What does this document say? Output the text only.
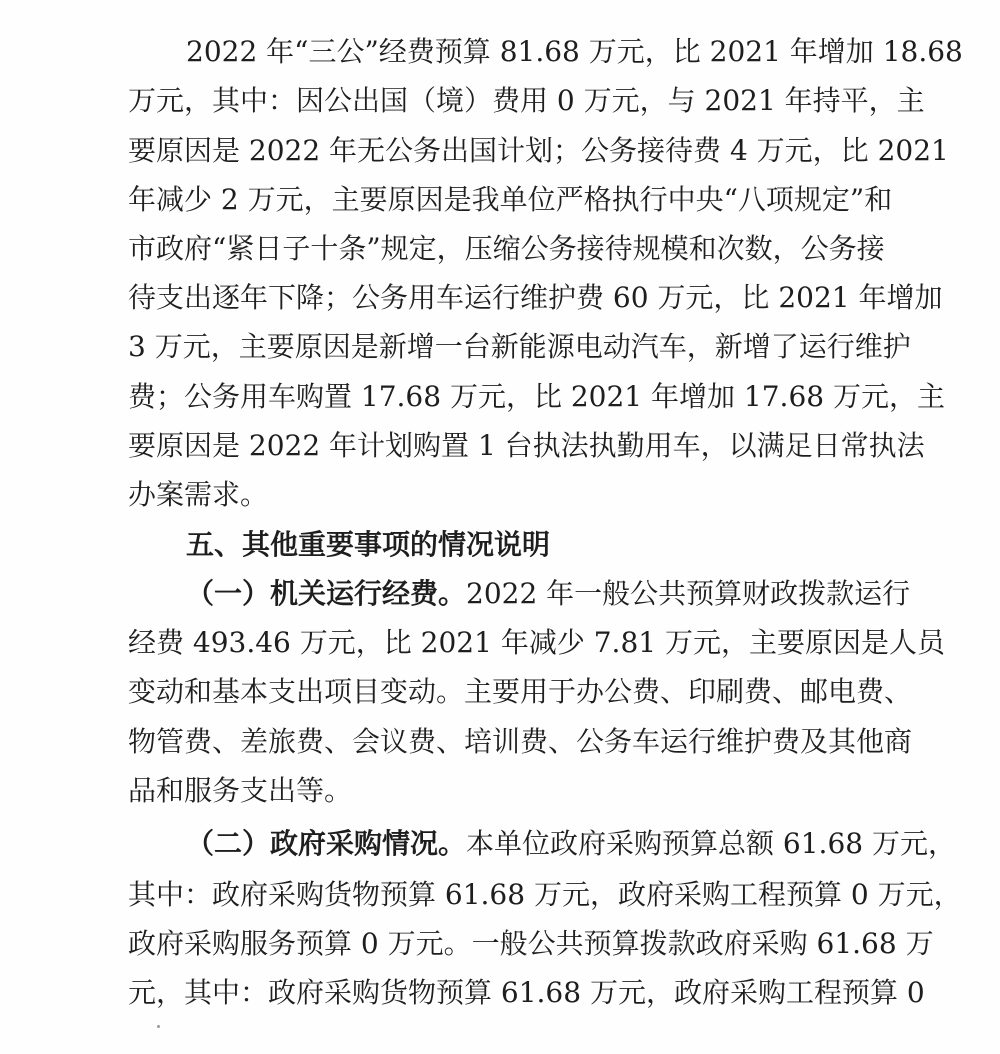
2022 年“三公”经费预算 81.68 万元，比 2021 年增加 18.68
万元，其中：因公出国（境）费用 0 万元，与 2021 年持平，主
要原因是 2022 年无公务出国计划；公务接待费 4 万元，比 2021
年减少 2 万元，主要原因是我单位严格执行中央“八项规定”和
市政府“紧日子十条”规定，压缩公务接待规模和次数，公务接
待支出逐年下降；公务用车运行维护费 60 万元，比 2021 年增加
3 万元，主要原因是新增一台新能源电动汽车，新增了运行维护
费；公务用车购置 17.68 万元，比 2021 年增加 17.68 万元，主
要原因是 2022 年计划购置 1 台执法执勤用车，以满足日常执法
办案需求。
五、其他重要事项的情况说明
（一）机关运行经费。2022 年一般公共预算财政拨款运行
经费 493.46 万元，比 2021 年减少 7.81 万元，主要原因是人员
变动和基本支出项目变动。主要用于办公费、印刷费、邮电费、
物管费、差旅费、会议费、培训费、公务车运行维护费及其他商
品和服务支出等。
（二）政府采购情况。本单位政府采购预算总额 61.68 万元，
其中：政府采购货物预算 61.68 万元，政府采购工程预算 0 万元，
政府采购服务预算 0 万元。一般公共预算拨款政府采购 61.68 万
元，其中：政府采购货物预算 61.68 万元，政府采购工程预算 0
